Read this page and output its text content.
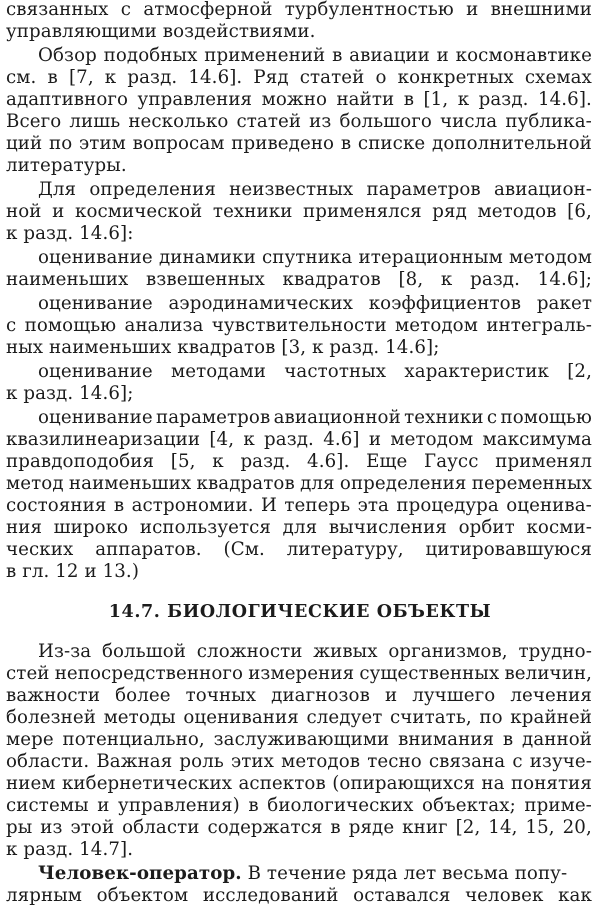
связанных с атмосферной турбулентностью и внешними
управляющими воздействиями.
Обзор подобных применений в авиации и космонавтике
см. в [7, к разд. 14.6]. Ряд статей о конкретных схемах
адаптивного управления можно найти в [1, к разд. 14.6].
Всего лишь несколько статей из большого числа публика-
ций по этим вопросам приведено в списке дополнительной
литературы.
Для определения неизвестных параметров авиацион-
ной и космической техники применялся ряд методов [6,
к разд. 14.6]:
оценивание динамики спутника итерационным методом
наименьших взвешенных квадратов [8, к разд. 14.6];
оценивание аэродинамических коэффициентов ракет
с помощью анализа чувствительности методом интеграль-
ных наименьших квадратов [3, к разд. 14.6];
оценивание методами частотных характеристик [2,
к разд. 14.6];
оценивание параметров авиационной техники с помощью
квазилинеаризации [4, к разд. 4.6] и методом максимума
правдоподобия [5, к разд. 4.6]. Еще Гаусс применял
метод наименьших квадратов для определения переменных
состояния в астрономии. И теперь эта процедура оценива-
ния широко используется для вычисления орбит косми-
ческих аппаратов. (См. литературу, цитировавшуюся
в гл. 12 и 13.)
14.7. БИОЛОГИЧЕСКИЕ ОБЪЕКТЫ
Из-за большой сложности живых организмов, трудно-
стей непосредственного измерения существенных величин,
важности более точных диагнозов и лучшего лечения
болезней методы оценивания следует считать, по крайней
мере потенциально, заслуживающими внимания в данной
области. Важная роль этих методов тесно связана с изуче-
нием кибернетических аспектов (опирающихся на понятия
системы и управления) в биологических объектах; приме-
ры из этой области содержатся в ряде книг [2, 14, 15, 20,
к разд. 14.7].
Человек-оператор. В течение ряда лет весьма попу-
лярным объектом исследований оставался человек как
